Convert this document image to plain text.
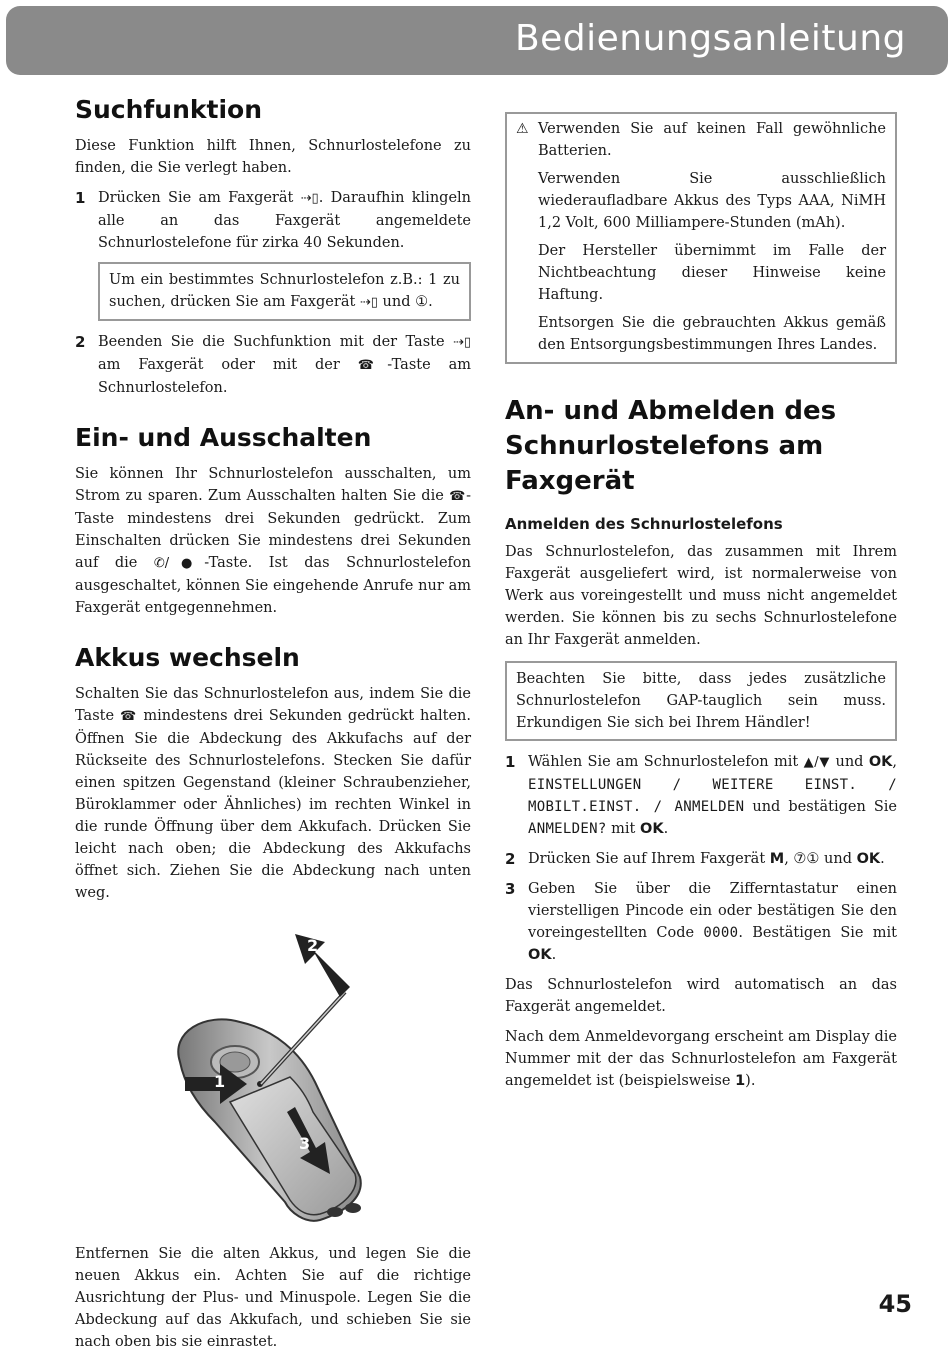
Bedienungsanleitung
Suchfunktion

Diese Funktion hilft Ihnen, Schnurlostelefone zu finden, die Sie verlegt haben.

1 Drücken Sie am Faxgerät ⇢▯. Daraufhin klingeln alle an das Faxgerät angemeldete Schnurlostelefone für zirka 40 Sekunden.

Um ein bestimmtes Schnurlostelefon z.B.: 1 zu suchen, drücken Sie am Faxgerät ⇢▯ und ①.

2 Beenden Sie die Suchfunktion mit der Taste ⇢▯ am Faxgerät oder mit der ☎-Taste am Schnurlostelefon.
Ein- und Ausschalten

Sie können Ihr Schnurlostelefon ausschalten, um Strom zu sparen. Zum Ausschalten halten Sie die ☎-Taste mindestens drei Sekunden gedrückt. Zum Einschalten drücken Sie mindestens drei Sekunden auf die ✆/●-Taste. Ist das Schnurlostelefon ausgeschaltet, können Sie eingehende Anrufe nur am Faxgerät entgegennehmen.

Akkus wechseln

Schalten Sie das Schnurlostelefon aus, indem Sie die Taste ☎ mindestens drei Sekunden gedrückt halten. Öffnen Sie die Abdeckung des Akkufachs auf der Rückseite des Schnurlostelefons. Stecken Sie dafür einen spitzen Gegenstand (kleiner Schraubenzieher, Büroklammer oder Ähnliches) im rechten Winkel in die runde Öffnung über dem Akkufach. Drücken Sie leicht nach oben; die Abdeckung des Akkufachs öffnet sich. Ziehen Sie die Abdeckung nach unten weg.

1
2
3

Entfernen Sie die alten Akkus, und legen Sie die neuen Akkus ein. Achten Sie auf die richtige Ausrichtung der Plus- und Minuspole. Legen Sie die Abdeckung auf das Akkufach, und schieben Sie sie nach oben bis sie einrastet.

⚠ Verwenden Sie auf keinen Fall gewöhnliche Batterien.

Verwenden Sie ausschließlich wiederaufladbare Akkus des Typs AAA, NiMH 1,2 Volt, 600 Milliampere-Stunden (mAh).

Der Hersteller übernimmt im Falle der Nichtbeachtung dieser Hinweise keine Haftung.

Entsorgen Sie die gebrauchten Akkus gemäß den Entsorgungsbestimmungen Ihres Landes.

An- und Abmelden des Schnurlostelefons am Faxgerät
Anmelden des Schnurlostelefons

Das Schnurlostelefon, das zusammen mit Ihrem Faxgerät ausgeliefert wird, ist normalerweise von Werk aus voreingestellt und muss nicht angemeldet werden. Sie können bis zu sechs Schnurlostelefone an Ihr Faxgerät anmelden.

Beachten Sie bitte, dass jedes zusätzliche Schnurlostelefon GAP-tauglich sein muss. Erkundigen Sie sich bei Ihrem Händler!

1 Wählen Sie am Schnurlostelefon mit ▲/▼ und OK, EINSTELLUNGEN / WEITERE EINST. / MOBILT.EINST. / ANMELDEN und bestätigen Sie ANMELDEN? mit OK.
2 Drücken Sie auf Ihrem Faxgerät M, ⑦① und OK.
3 Geben Sie über die Zifferntastatur einen vierstelligen Pincode ein oder bestätigen Sie den voreingestellten Code 0000. Bestätigen Sie mit OK.

Das Schnurlostelefon wird automatisch an das Faxgerät angemeldet.

Nach dem Anmeldevorgang erscheint am Display die Nummer mit der das Schnurlostelefon am Faxgerät angemeldet ist (beispielsweise 1).

45
